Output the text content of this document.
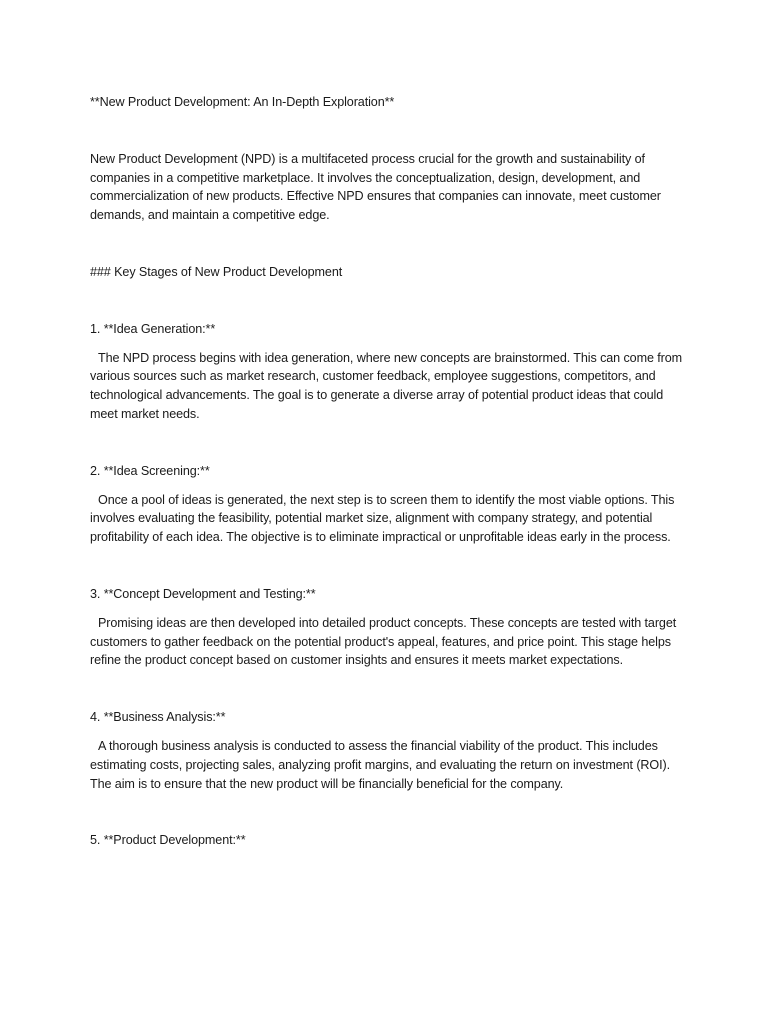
**New Product Development: An In-Depth Exploration**

New Product Development (NPD) is a multifaceted process crucial for the growth and sustainability of companies in a competitive marketplace. It involves the conceptualization, design, development, and commercialization of new products. Effective NPD ensures that companies can innovate, meet customer demands, and maintain a competitive edge.

### Key Stages of New Product Development

1. **Idea Generation:**

The NPD process begins with idea generation, where new concepts are brainstormed. This can come from various sources such as market research, customer feedback, employee suggestions, competitors, and technological advancements. The goal is to generate a diverse array of potential product ideas that could meet market needs.

2. **Idea Screening:**

Once a pool of ideas is generated, the next step is to screen them to identify the most viable options. This involves evaluating the feasibility, potential market size, alignment with company strategy, and potential profitability of each idea. The objective is to eliminate impractical or unprofitable ideas early in the process.

3. **Concept Development and Testing:**

Promising ideas are then developed into detailed product concepts. These concepts are tested with target customers to gather feedback on the potential product's appeal, features, and price point. This stage helps refine the product concept based on customer insights and ensures it meets market expectations.

4. **Business Analysis:**

A thorough business analysis is conducted to assess the financial viability of the product. This includes estimating costs, projecting sales, analyzing profit margins, and evaluating the return on investment (ROI). The aim is to ensure that the new product will be financially beneficial for the company.

5. **Product Development:**
